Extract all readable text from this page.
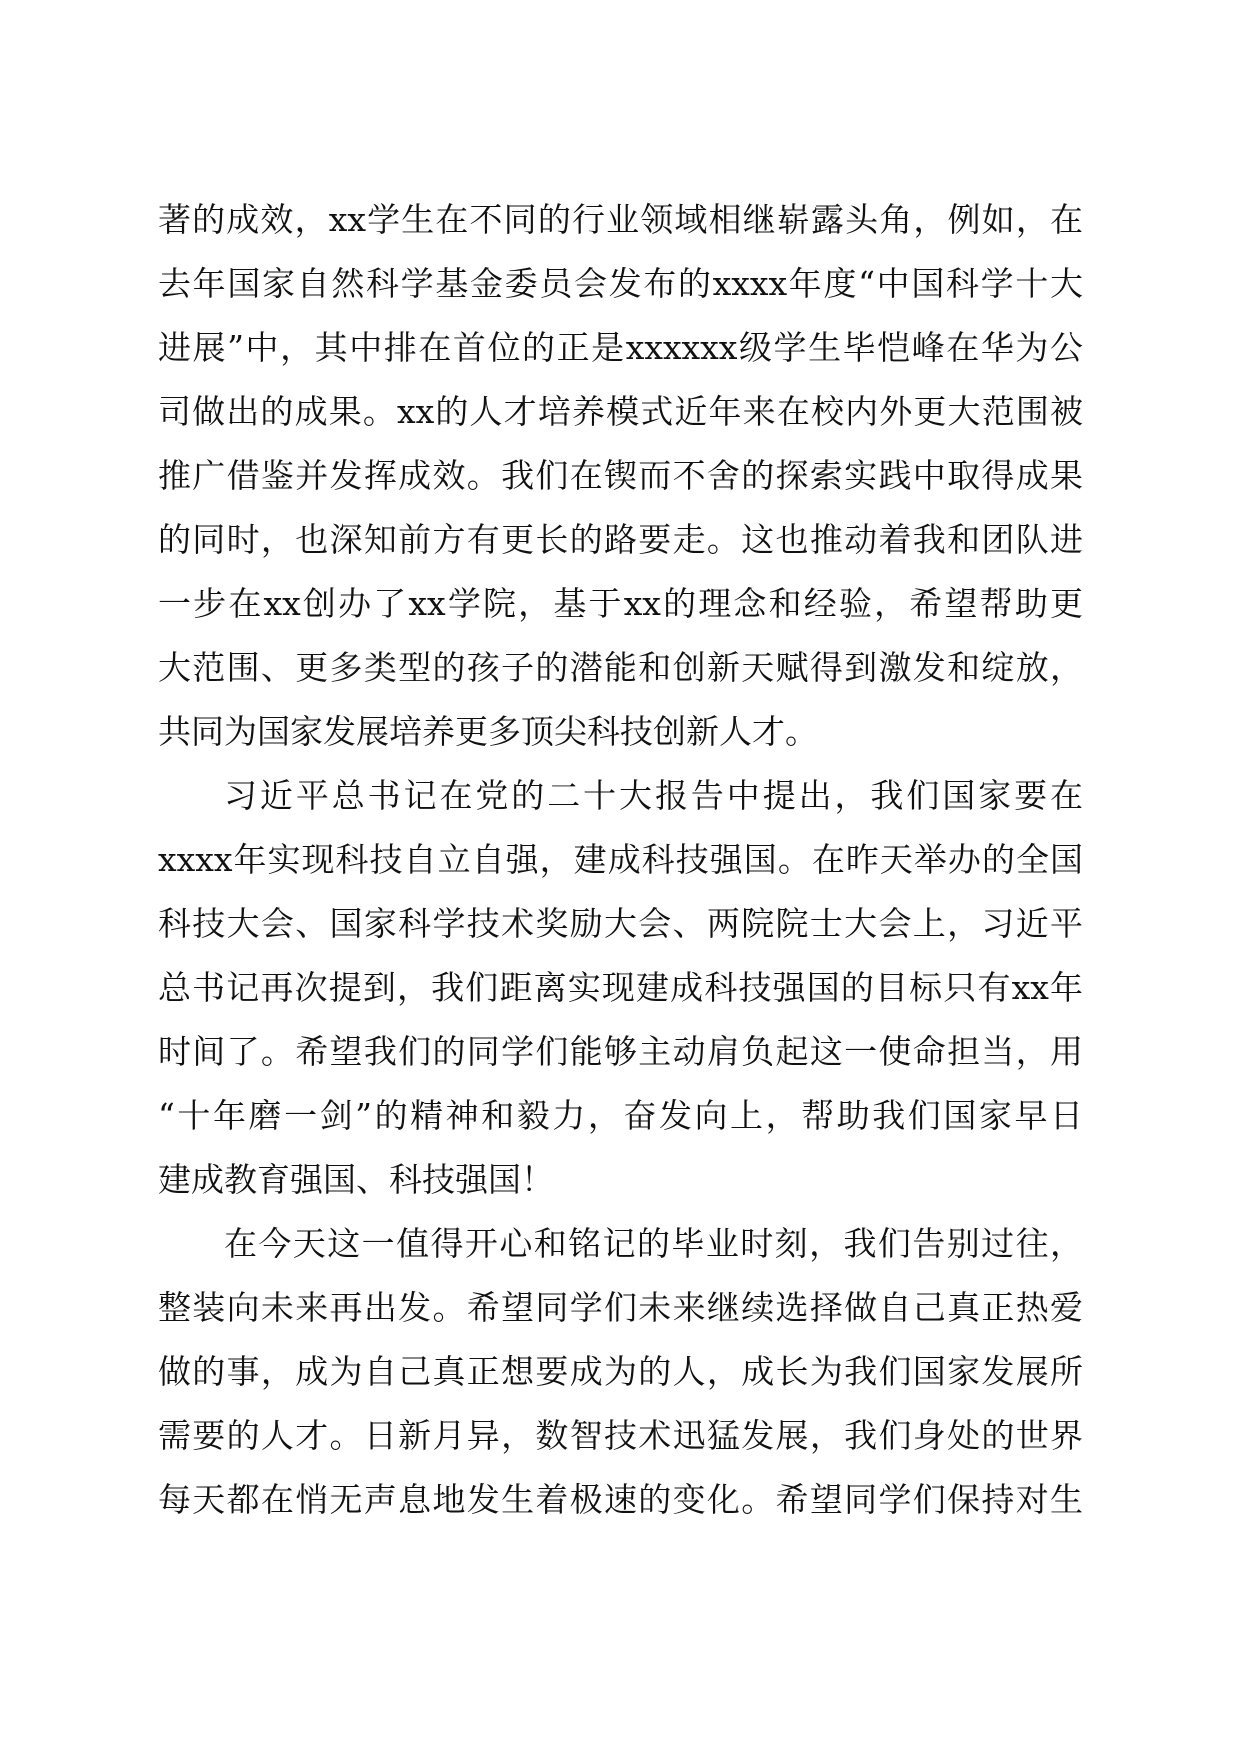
著的成效，xx学生在不同的行业领域相继崭露头角，例如，在
去年国家自然科学基金委员会发布的xxxx年度“中国科学十大
进展”中，其中排在首位的正是xxxxxx级学生毕恺峰在华为公
司做出的成果。xx的人才培养模式近年来在校内外更大范围被
推广借鉴并发挥成效。我们在锲而不舍的探索实践中取得成果
的同时，也深知前方有更长的路要走。这也推动着我和团队进
一步在xx创办了xx学院，基于xx的理念和经验，希望帮助更
大范围、更多类型的孩子的潜能和创新天赋得到激发和绽放，
共同为国家发展培养更多顶尖科技创新人才。
习近平总书记在党的二十大报告中提出，我们国家要在
xxxx年实现科技自立自强，建成科技强国。在昨天举办的全国
科技大会、国家科学技术奖励大会、两院院士大会上，习近平
总书记再次提到，我们距离实现建成科技强国的目标只有xx年
时间了。希望我们的同学们能够主动肩负起这一使命担当，用
“十年磨一剑”的精神和毅力，奋发向上，帮助我们国家早日
建成教育强国、科技强国！
在今天这一值得开心和铭记的毕业时刻，我们告别过往，
整装向未来再出发。希望同学们未来继续选择做自己真正热爱
做的事，成为自己真正想要成为的人，成长为我们国家发展所
需要的人才。日新月异，数智技术迅猛发展，我们身处的世界
每天都在悄无声息地发生着极速的变化。希望同学们保持对生
